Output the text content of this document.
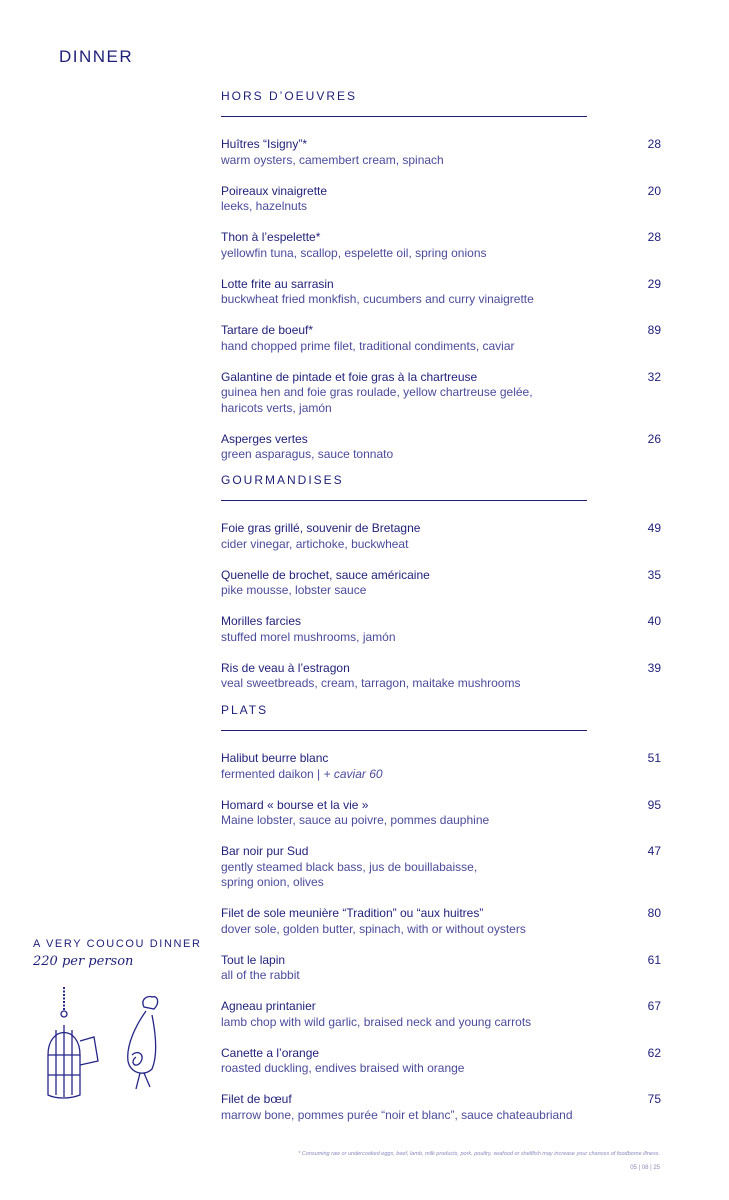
DINNER
HORS D’OEUVRES
Huîtres “Isigny”*
warm oysters, camembert cream, spinach
28
Poireaux vinaigrette
leeks, hazelnuts
20
Thon à l’espelette*
yellowfin tuna, scallop, espelette oil, spring onions
28
Lotte frite au sarrasin
buckwheat fried monkfish, cucumbers and curry vinaigrette
29
Tartare de boeuf*
hand chopped prime filet, traditional condiments, caviar
89
Galantine de pintade et foie gras à la chartreuse
guinea hen and foie gras roulade, yellow chartreuse gelée,
haricots verts, jamón
32
Asperges vertes
green asparagus, sauce tonnato
26
GOURMANDISES
Foie gras grillé, souvenir de Bretagne
cider vinegar, artichoke, buckwheat
49
Quenelle de brochet, sauce américaine
pike mousse, lobster sauce
35
Morilles farcies
stuffed morel mushrooms, jamón
40
Ris de veau à l’estragon
veal sweetbreads, cream, tarragon, maitake mushrooms
39
PLATS
Halibut beurre blanc
fermented daikon | + caviar 60
51
Homard « bourse et la vie »
Maine lobster, sauce au poivre, pommes dauphine
95
Bar noir pur Sud
gently steamed black bass, jus de bouillabaisse,
spring onion, olives
47
Filet de sole meunière “Tradition” ou “aux huitres”
dover sole, golden butter, spinach, with or without oysters
80
Tout le lapin
all of the rabbit
61
Agneau printanier
lamb chop with wild garlic, braised neck and young carrots
67
Canette a l’orange
roasted duckling, endives braised with orange
62
Filet de bœuf
marrow bone, pommes purée “noir et blanc”, sauce chateaubriand
75
A VERY COUCOU DINNER
220 per person
* Consuming raw or undercooked eggs, beef, lamb, milk products, pork, poultry, seafood or shellfish may increase your chances of foodborne illness.
05 | 08 | 25
